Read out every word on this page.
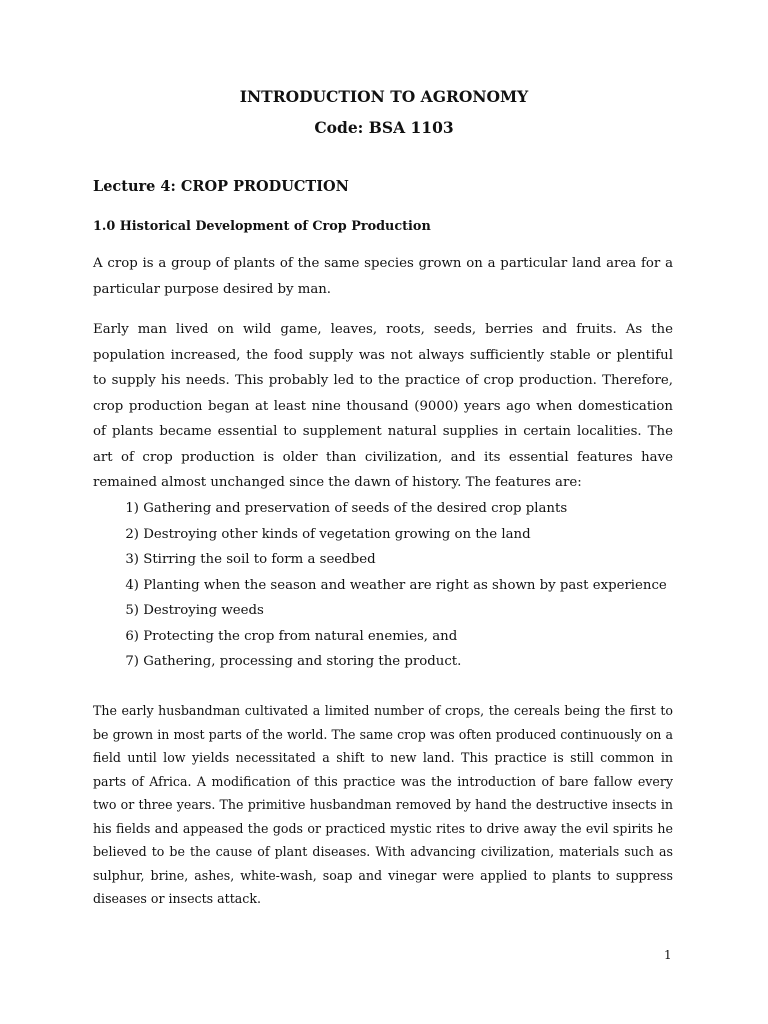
INTRODUCTION TO AGRONOMY
Code: BSA 1103
Lecture 4: CROP PRODUCTION
1.0 Historical Development of Crop Production

A crop is a group of plants of the same species grown on a particular land area for a particular purpose desired by man.

Early man lived on wild game, leaves, roots, seeds, berries and fruits. As the population increased, the food supply was not always sufficiently stable or plentiful to supply his needs. This probably led to the practice of crop production. Therefore, crop production began at least nine thousand (9000) years ago when domestication of plants became essential to supplement natural supplies in certain localities. The art of crop production is older than civilization, and its essential features have remained almost unchanged since the dawn of history. The features are:

1) Gathering and preservation of seeds of the desired crop plants
2) Destroying other kinds of vegetation growing on the land
3) Stirring the soil to form a seedbed
4) Planting when the season and weather are right as shown by past experience
5) Destroying weeds
6) Protecting the crop from natural enemies, and
7) Gathering, processing and storing the product.

The early husbandman cultivated a limited number of crops, the cereals being the first to be grown in most parts of the world. The same crop was often produced continuously on a field until low yields necessitated a shift to new land. This practice is still common in parts of Africa. A modification of this practice was the introduction of bare fallow every two or three years. The primitive husbandman removed by hand the destructive insects in his fields and appeased the gods or practiced mystic rites to drive away the evil spirits he believed to be the cause of plant diseases. With advancing civilization, materials such as sulphur, brine, ashes, white-wash, soap and vinegar were applied to plants to suppress diseases or insects attack.

1
